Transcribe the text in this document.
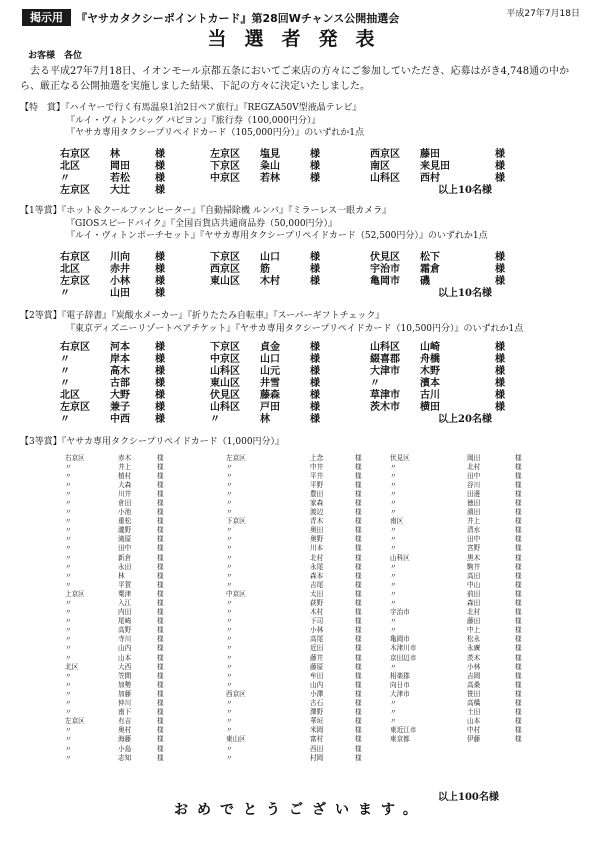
掲示用	『ヤサカタクシーポイントカード』第28回Wチャンス公開抽選会	平成27年7月18日
当選者発表
お客様　各位
去る平成27年7月18日、イオンモール京都五条においてご来店の方々にご参加していただき、応募はがき4,748通の中から、厳正なる公開抽選を実施しました結果、下記の方々に決定いたしました。
【特　賞】『ハイヤーで行く有馬温泉1泊2日ペア旅行』『REGZA50V型液晶テレビ』
『ルイ・ヴィトンバッグ パピヨン』『旅行券（100,000円分）』
『ヤサカ専用タクシープリペイドカード（105,000円分）』のいずれか1点
右京区 林	様	左京区 塩見	様	西京区 藤田	様
北区	岡田	様	下京区 粂山	様	南区	来見田	様
〃	若松	様	中京区 若林	様	山科区 西村	様
左京区 大辻	様	以上10名様
【1等賞】『ホット＆クールファンヒーター』『自動掃除機 ルンバ』『ミラーレス一眼カメラ』
『GIOSスピードバイク』『全国百貨店共通商品券（50,000円分）』
『ルイ・ヴィトンポーチセット』『ヤサカ専用タクシープリペイドカード（52,500円分）』のいずれか1点
右京区 川向	様	下京区 山口	様	伏見区 松下	様
北区	赤井	様	西京区 筋	様	宇治市 霜倉	様
左京区 小林	様	東山区 木村	様	亀岡市 磯	様
〃	山田	様	以上10名様
【2等賞】『電子辞書』『炭酸水メーカー』『折りたたみ自転車』『スーパーギフトチェック』
『東京ディズニーリゾートペアチケット』『ヤサカ専用タクシープリペイドカード（10,500円分）』のいずれか1点
右京区 河本	様	下京区 貞金	様	山科区 山崎	様
〃	岸本	様	中京区 山口	様	綴喜郡 舟橋	様
〃	高木	様	山科区 山元	様	大津市 木野	様
〃	古部	様	東山区 井雪	様	〃	濱本	様
北区	大野	様	伏見区 藤森	様	草津市 古川	様
左京区 兼子	様	山科区 戸田	様	茨木市 横田	様
〃	中西	様	〃	林	様	以上20名様
【3等賞】『ヤサカ専用タクシープリペイドカード（1,000円分）』
右京区	赤木	様	左京区	上念	様	伏見区	岡田	様
〃	井上	様	〃	中井	様	〃	北村	様
〃	植村	様	〃	平井	様	〃	田中	様
〃	大森	様	〃	平野	様	〃	谷川	様
〃	川井	様	〃	豊田	様	〃	田邊	様
〃	倉田	様	〃	家森	様	〃	徳田	様
〃	小池	様	〃	渡辺	様	〃	濱田	様
〃	重松	様	下京区	青木	様	南区	井上	様
〃	瀧野	様	〃	奥田	様	〃	清水	様
〃	滝原	様	〃	奥野	様	〃	田中	様
〃	田中	様	〃	川本	様	〃	宮野	様
〃	新倉	様	〃	北村	様	山科区	黒木	様
〃	永田	様	〃	永尾	様	〃	駒井	様
〃	林	様	〃	森本	様	〃	高田	様
〃	平賀	様	〃	吉尾	様	〃	中山	様
上京区	粟津	様	中京区	太田	様	〃	前田	様
〃	入江	様	〃	荻野	様	〃	森田	様
〃	内田	様	〃	木村	様	宇治市	北村	様
〃	尾崎	様	〃	下司	様	〃	藤田	様
〃	高野	様	〃	小林	様	〃	中上	様
〃	寺川	様	〃	高尾	様	亀岡市	松永	様
〃	山内	様	〃	近田	様	木津川市	永廣	様
〃	山本	様	〃	藤井	様	京田辺市	茨木	様
北区	大西	様	〃	藤原	様	〃	小林	様
〃	笠間	様	〃	牟田	様	相楽郡	吉岡	様
〃	加勢	様	〃	山内	様	向日市	高桑	様
〃	加藤	様	西京区	小澤	様	大津市	笹田	様
〃	仲川	様	〃	古石	様	〃	高橋	様
〃	南下	様	〃	澤野	様	〃	土田	様
左京区	有吉	様	〃	華垣	様	〃	山本	様
〃	奥村	様	〃	米岡	様	東近江市	中村	様
〃	海藤	様	東山区	富村	様	東京都	伊藤	様
〃	小島	様	〃	西田	様
〃	志知	様	〃	村岡	様
以上100名様
おめでとうございます。
